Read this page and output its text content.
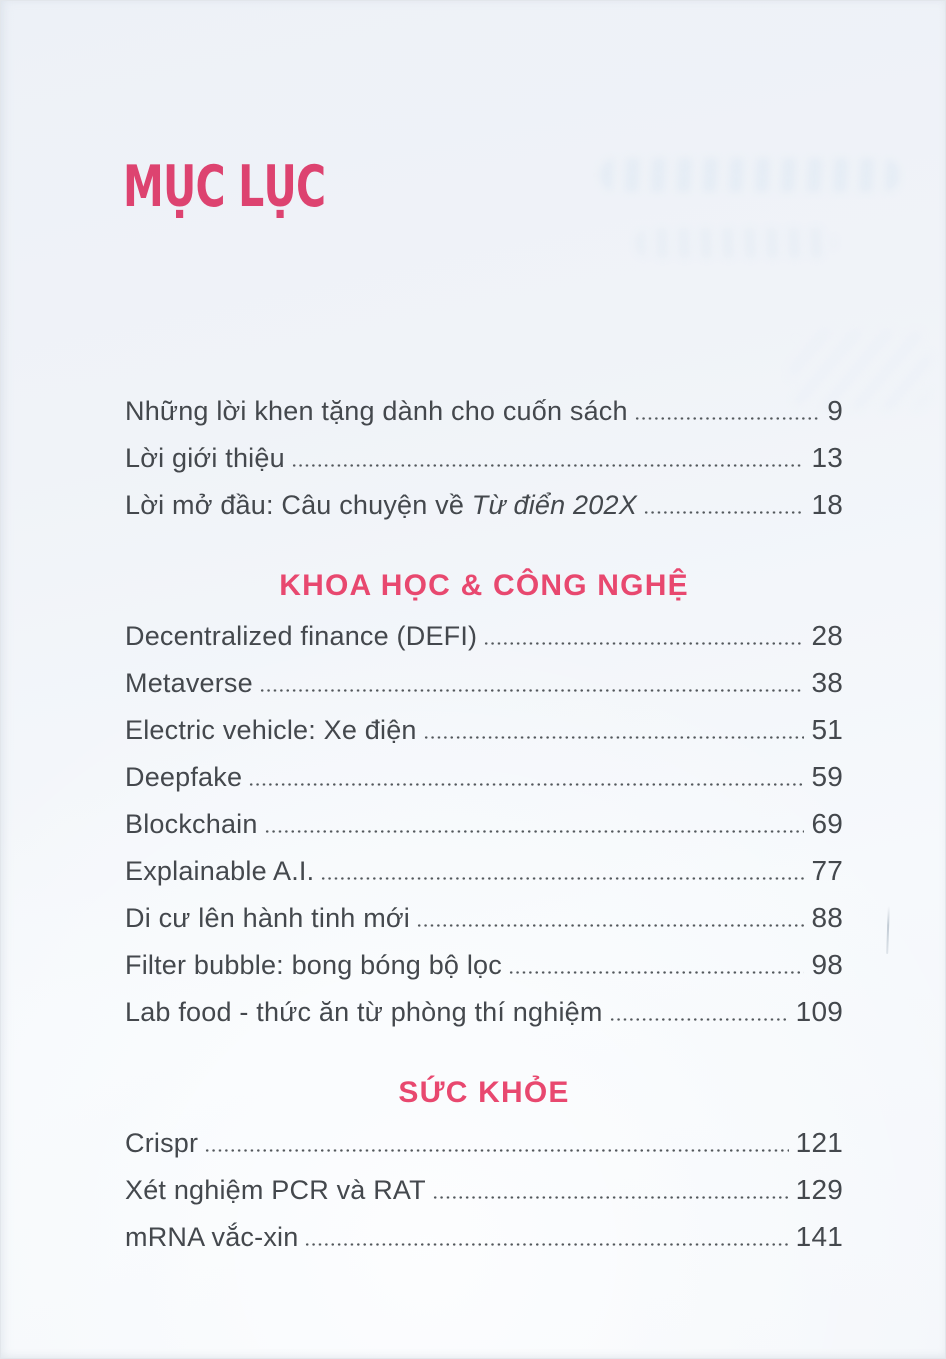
MỤC LỤC
Những lời khen tặng dành cho cuốn sách	9
Lời giới thiệu	13
Lời mở đầu: Câu chuyện về Từ điển 202X	18
KHOA HỌC & CÔNG NGHỆ
Decentralized finance (DEFI)	28
Metaverse	38
Electric vehicle: Xe điện	51
Deepfake	59
Blockchain	69
Explainable A.I.	77
Di cư lên hành tinh mới	88
Filter bubble: bong bóng bộ lọc	98
Lab food - thức ăn từ phòng thí nghiệm	109
SỨC KHỎE
Crispr	121
Xét nghiệm PCR và RAT	129
mRNA vắc-xin	141
